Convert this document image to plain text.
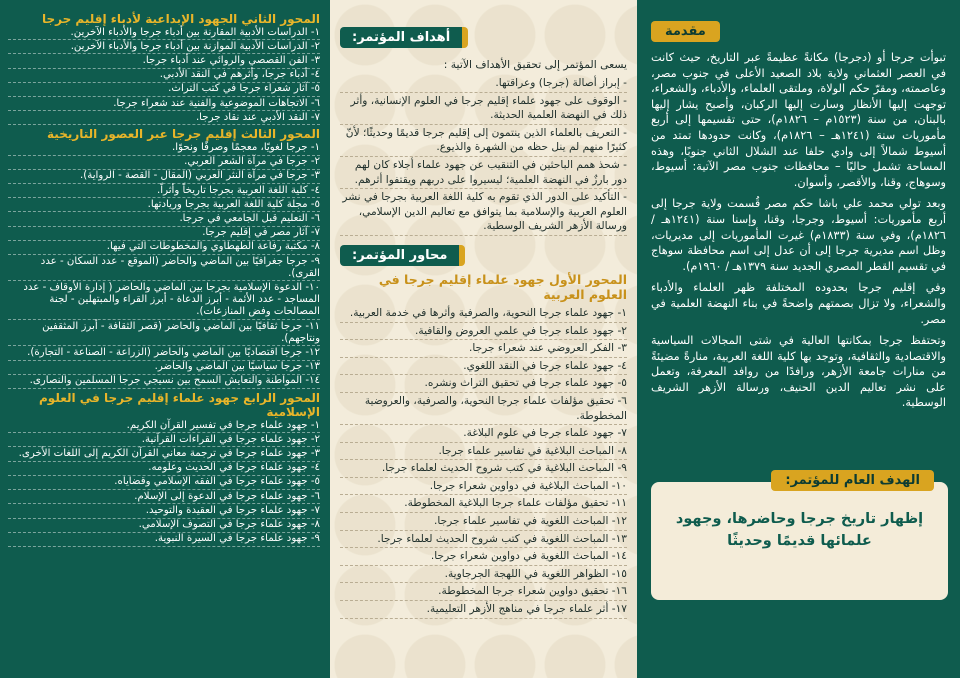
مقدمة

تبوأت جرجا أو (دجرجا) مكانةً عظيمةً عبر التاريخ، حيث كانت في العصر العثماني ولاية بلاد الصعيد الأعلى في جنوب مصر، وعاصمته، ومقرّ حكم الولاة، وملتقى العلماء، والأدباء، والشعراء، توجهت إليها الأنظار وسارت إليها الركبان، وأصبح يشار إليها بالبنان، من سنة (١٥٢٣م – ١٨٢٦م)، حتى تقسيمها إلى أربع مأموريات سنة (١٢٤١هـ – ١٨٢٦م)، وكانت حدودها تمتد من أسيوط شمالاً إلى وادي حلفا عند الشلال الثاني جنوبًا، وهذه المساحة تشمل حاليًا – محافظات جنوب مصر الآتية: أسيوط، وسوهاج، وقنا، والأقصر، وأسوان.

وبعد تولي محمد علي باشا حكم مصر قُسمت ولاية جرجا إلى أربع مأموريات: أسيوط، وجرجا، وقنا، وإسنا سنة (١٢٤١هـ / ١٨٢٦م)، وفي سنة (١٨٣٣م) غيرت المأموريات إلى مديريات، وظل اسم مديرية جرجا إلى أن عدل إلى اسم محافظة سوهاج في تقسيم القطر المصري الجديد سنة ١٣٧٩هـ / ١٩٦٠م).

وفي إقليم جرجا بحدوده المختلفة ظهر العلماء والأدباء والشعراء، ولا تزال بصمتهم واضحةً في بناء النهضة العلمية في مصر.

وتحتفظ جرجا بمكانتها العالية في شتى المجالات السياسية والاقتصادية والثقافية، وتوجد بها كلية اللغة العربية، منارةً مضيئةً من منارات جامعة الأزهر، ورافدًا من روافد المعرفة، وتعمل على نشر تعاليم الدين الحنيف، ورسالة الأزهر الشريف الوسطية.

الهدف العام للمؤتمر:
إظهار تاريخ جرجا وحاضرها، وجهود علمائها قديمًا وحديثًا
أهداف المؤتمر:
يسعى المؤتمر إلى تحقيق الأهداف الآتية :
- إبراز أصالة (جرجا) وعراقتها.
- الوقوف على جهود علماء إقليم جرجا في العلوم الإنسانية، وأثر ذلك في النهضة العلمية الحديثة.
- التعريف بالعلماء الذين ينتمون إلى إقليم جرجا قديمًا وحديثًا؛ لأنّ كثيرًا منهم لم ينل حظه من الشهرة والذيوع.
- شحذ همم الباحثين في التنقيب عن جهود علماء أجلاء كان لهم دور بارزٌ في النهضة العلمية؛ ليسيروا على دربهم ويقتفوا أثرهم.
- التأكيد على الدور الذي تقوم به كلية اللغة العربية بجرجا في نشر العلوم العربية والإسلامية بما يتوافق مع تعاليم الدين الإسلامي، ورسالة الأزهر الشريف الوسطية.
محاور المؤتمر:
المحور الأول جهود علماء إقليم جرجا في العلوم العربية
١- جهود علماء جرجا النحوية، والصرفية وأثرها في خدمة العربية.
٢- جهود علماء جرجا في علمي العروض والقافية.
٣- الفكر العروضي عند شعراء جرجا.
٤- جهود علماء جرجا في النقد اللغوي.
٥- جهود علماء جرجا في تحقيق التراث ونشره.
٦- تحقيق مؤلفات علماء جرجا النحوية، والصرفية، والعروضية المخطوطة.
٧- جهود علماء جرجا في علوم البلاغة.
٨- المباحث البلاغية في تفاسير علماء جرجا.
٩- المباحث البلاغية في كتب شروح الحديث لعلماء جرجا.
١٠- المباحث البلاغية في دواوين شعراء جرجا.
١١- تحقيق مؤلفات علماء جرجا البلاغية المخطوطة.
١٢- المباحث اللغوية في تفاسير علماء جرجا.
١٣- المباحث اللغوية في كتب شروح الحديث لعلماء جرجا.
١٤- المباحث اللغوية في دواوين شعراء جرجا.
١٥- الظواهر اللغوية في اللهجة الجرجاوية.
١٦- تحقيق دواوين شعراء جرجا المخطوطة.
١٧- أثر علماء جرجا في مناهج الأزهر التعليمية.
المحور الثاني الجهود الإبداعية لأدباء إقليم جرجا
١- الدراسات الأدبية المقارنة بين أدباء جرجا والأدباء الآخرين.
٢- الدراسات الأدبية الموازنة بين أدباء جرجا والأدباء الآخرين.
٣- الفن القصصي والروائي عند أدباء جرجا.
٤- أدباء جرجا، وأثرهم في النقد الأدبي.
٥- آثار شعراء جرجا في كتب التراث.
٦- الاتجاهات الموضوعية والفنية عند شعراء جرجا.
٧- النقد الأدبي عند نقاد جرجا.
المحور الثالث إقليم جرجا عبر العصور التاريخية
١- جرجا لغويًا، معجمًا وصرفًا ونحوًا.
٢- جرجا في مرآة الشعر العربي.
٣- جرجا في مرآة النثر العربي (المقال - القصة - الرواية).
٤- كلية اللغة العربية بجرجا تاريخاً وأثراً.
٥- مجلة كلية اللغة العربية بجرجا وريادتها.
٦- التعليم قبل الجامعي في جرجا.
٧- آثار مصر في إقليم جرجا.
٨- مكتبة رفاعة الطهطاوي والمخطوطات التي فيها.
٩- جرجا جغرافيًا بين الماضي والحاضر (الموقع - عدد السكان - عدد القرى).
١٠- الدعوة الإسلامية بجرجا بين الماضي والحاضر ( إدارة الأوقاف - عدد المساجد - عدد الأئمة - أبرز الدعاة - أبرز القراء والمبتهلين - لجنة المصالحات وفض المنازعات).
١١- جرجا ثقافيًا بين الماضي والحاضر (قصر الثقافة - أبرز المثقفين ونتاجهم).
١٢- جرجا اقتصاديًا بين الماضي والحاضر (الزراعة - الصناعة - التجارة).
١٣- جرجا سياسيًا بين الماضي والحاضر.
١٤- المواطنة والتعايش السمح بين نسيجي جرجا المسلمين والنصارى.
المحور الرابع جهود علماء إقليم جرجا في العلوم الإسلامية
١- جهود علماء جرجا في تفسير القرآن الكريم.
٢- جهود علماء جرجا في القراءات القرآنية.
٣- جهود علماء جرجا في ترجمة معاني القرآن الكريم إلى اللغات الأخرى.
٤- جهود علماء جرجا في الحديث وعلومه.
٥- جهود علماء جرجا في الفقه الإسلامي وقضاياه.
٦- جهود علماء جرجا في الدعوة إلى الإسلام.
٧- جهود علماء جرجا في العقيدة والتوحيد.
٨- جهود علماء جرجا في التصوف الإسلامي.
٩- جهود علماء جرجا في السيرة النبوية.
